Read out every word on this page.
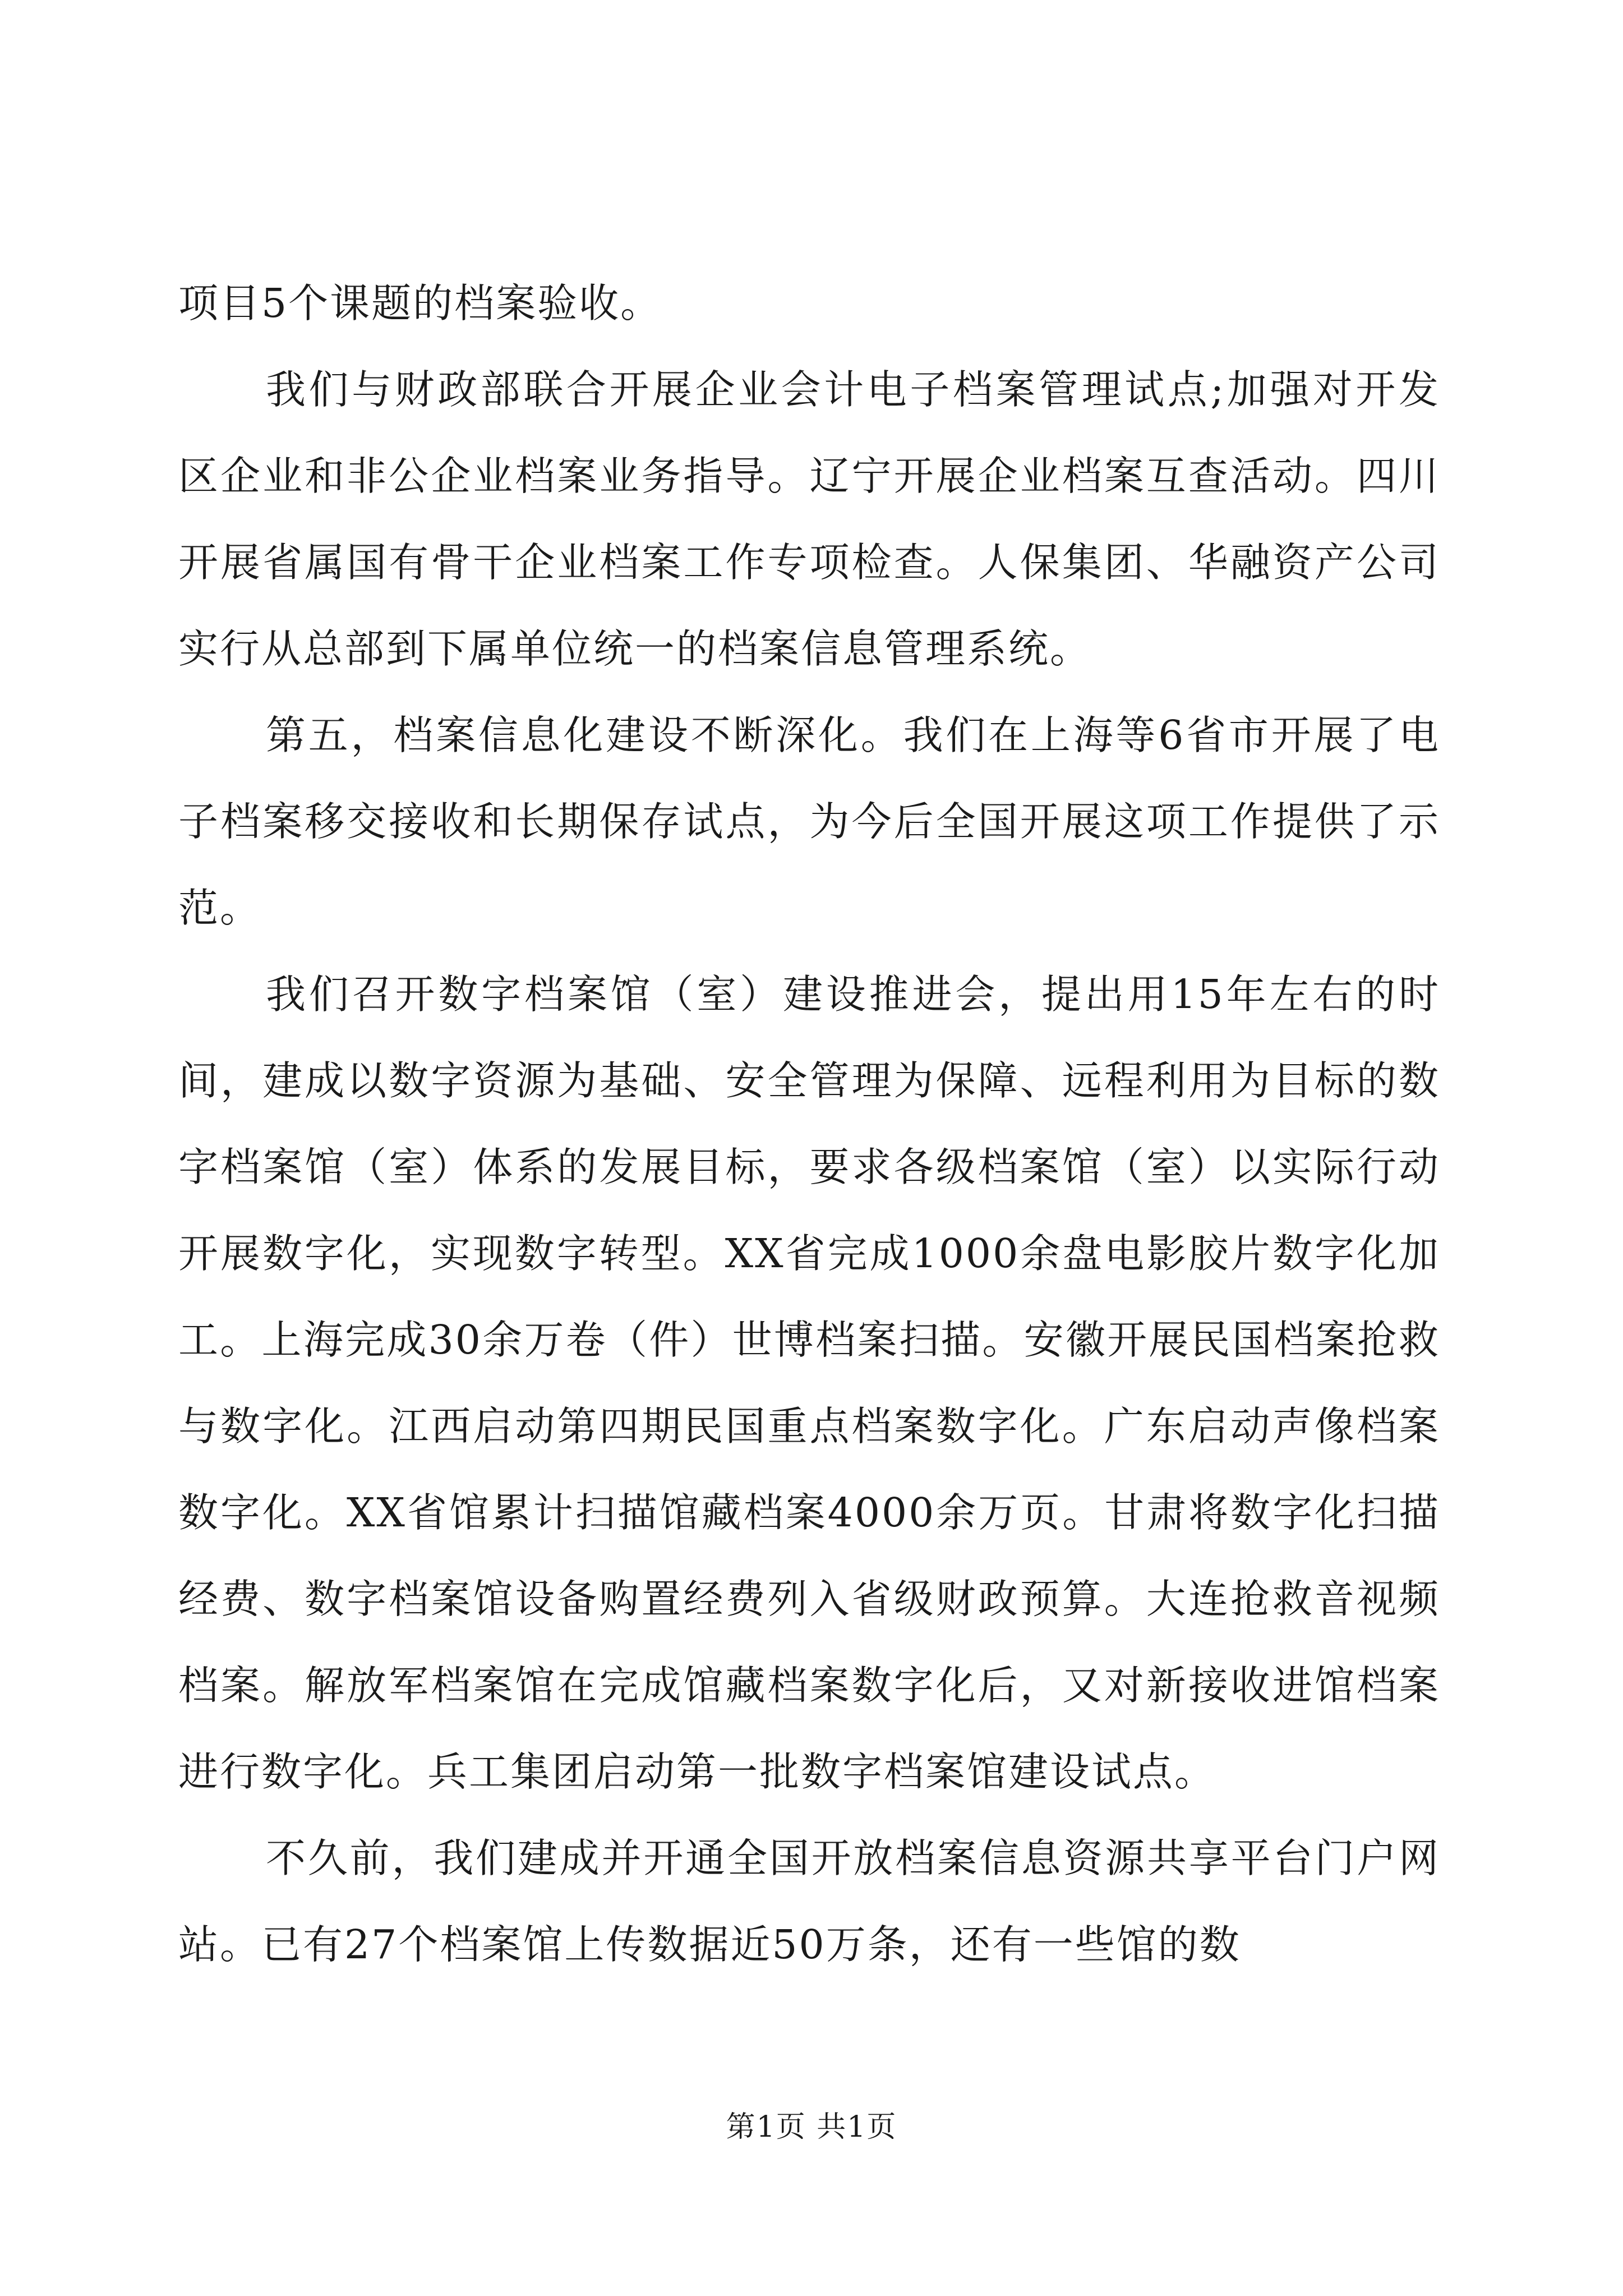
项目5个课题的档案验收。

我们与财政部联合开展企业会计电子档案管理试点;加强对开发区企业和非公企业档案业务指导。辽宁开展企业档案互查活动。四川开展省属国有骨干企业档案工作专项检查。人保集团、华融资产公司实行从总部到下属单位统一的档案信息管理系统。

第五，档案信息化建设不断深化。我们在上海等6省市开展了电子档案移交接收和长期保存试点，为今后全国开展这项工作提供了示范。

我们召开数字档案馆（室）建设推进会，提出用15年左右的时间，建成以数字资源为基础、安全管理为保障、远程利用为目标的数字档案馆（室）体系的发展目标，要求各级档案馆（室）以实际行动开展数字化，实现数字转型。XX省完成1000余盘电影胶片数字化加工。上海完成30余万卷（件）世博档案扫描。安徽开展民国档案抢救与数字化。江西启动第四期民国重点档案数字化。广东启动声像档案数字化。XX省馆累计扫描馆藏档案4000余万页。甘肃将数字化扫描经费、数字档案馆设备购置经费列入省级财政预算。大连抢救音视频档案。解放军档案馆在完成馆藏档案数字化后，又对新接收进馆档案进行数字化。兵工集团启动第一批数字档案馆建设试点。

不久前，我们建成并开通全国开放档案信息资源共享平台门户网站。已有27个档案馆上传数据近50万条，还有一些馆的数

第1页 共1页
